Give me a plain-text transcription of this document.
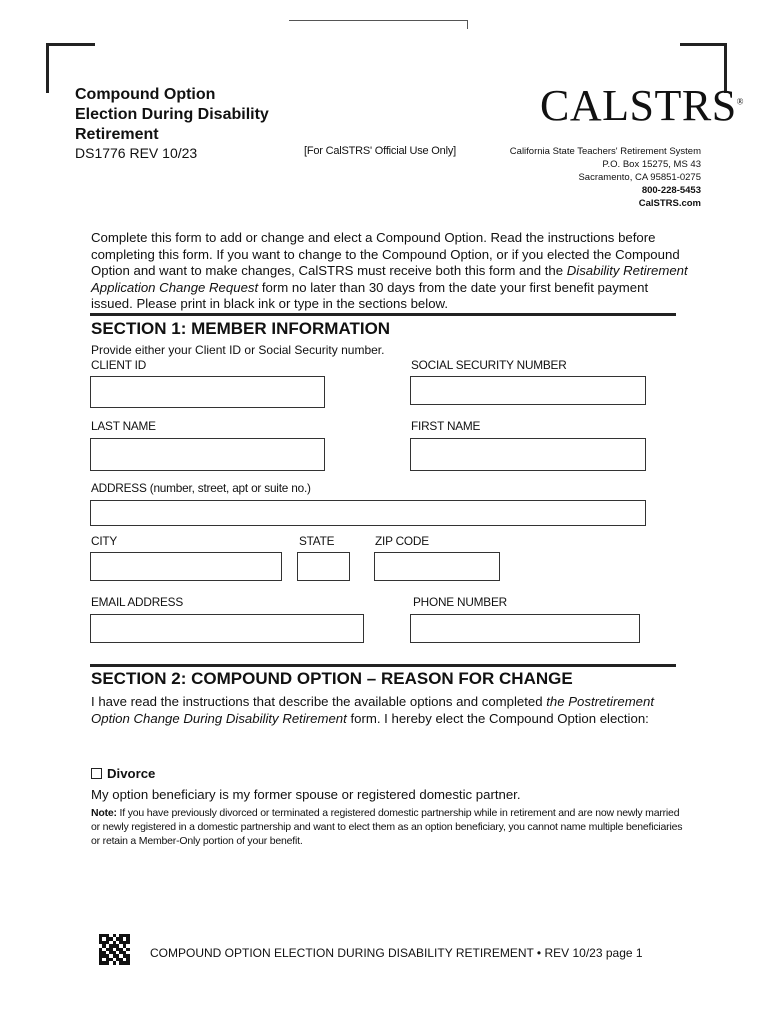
Compound Option
Election During Disability
Retirement
DS1776 REV 10/23	[For CalSTRS' Official Use Only]
CALSTRS®
California State Teachers' Retirement System
P.O. Box 15275, MS 43
Sacramento, CA 95851-0275
800-228-5453
CalSTRS.com
Complete this form to add or change and elect a Compound Option. Read the instructions before completing this form. If you want to change to the Compound Option, or if you elected the Compound Option and want to make changes, CalSTRS must receive both this form and the Disability Retirement Application Change Request form no later than 30 days from the date your first benefit payment issued. Please print in black ink or type in the sections below.
SECTION 1: MEMBER INFORMATION
Provide either your Client ID or Social Security number.
CLIENT ID	SOCIAL SECURITY NUMBER
LAST NAME	FIRST NAME
ADDRESS (number, street, apt or suite no.)
CITY	STATE	ZIP CODE
EMAIL ADDRESS	PHONE NUMBER
SECTION 2: COMPOUND OPTION – REASON FOR CHANGE
I have read the instructions that describe the available options and completed the Postretirement Option Change During Disability Retirement form. I hereby elect the Compound Option election:
Divorce
My option beneficiary is my former spouse or registered domestic partner.
Note: If you have previously divorced or terminated a registered domestic partnership while in retirement and are now newly married or newly registered in a domestic partnership and want to elect them as an option beneficiary, you cannot name multiple beneficiaries or retain a Member-Only portion of your benefit.
COMPOUND OPTION ELECTION DURING DISABILITY RETIREMENT • REV 10/23 page 1
